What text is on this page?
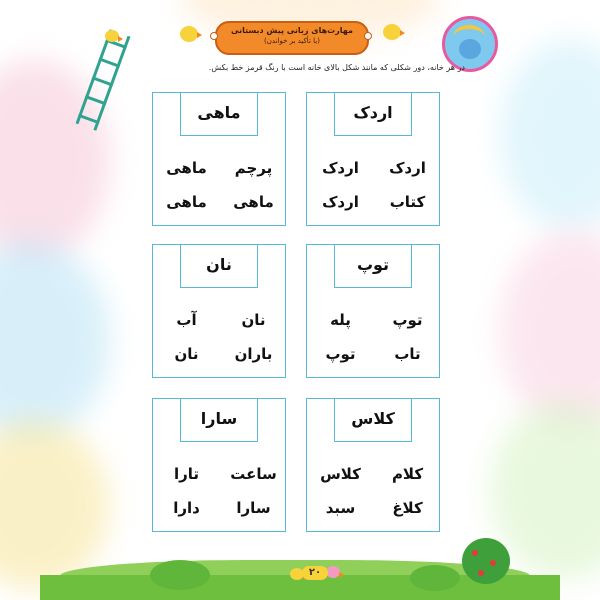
مهارت‌های زبانی پیش دبستانی
(با تأکید بر خواندن)
در هر خانه، دور شکلی که مانند شکل بالای خانه است با رنگ قرمز خط بکش.
ماهی
پرچم
ماهی
ماهی
ماهی
اردک
اردک
اردک
کتاب
اردک
نان
نان
آب
باران
نان
توپ
توپ
پله
تاب
توپ
سارا
ساعت
تارا
سارا
دارا
کلاس
کلام
کلاس
کلاغ
سبد
۲۰
